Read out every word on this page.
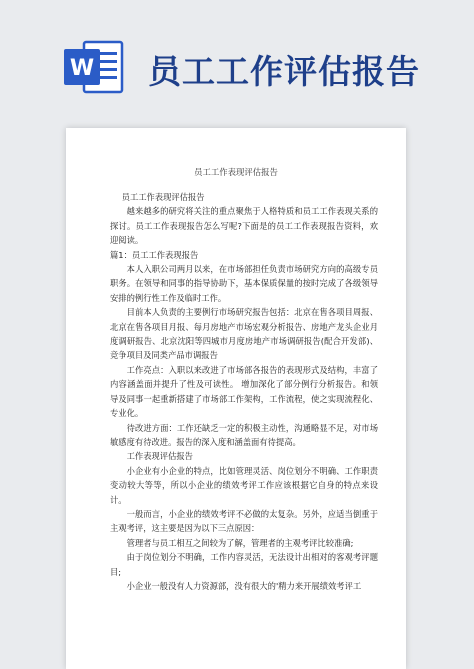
W 员工工作评估报告
员工工作表现评估报告

员工工作表现评估报告

越来越多的研究将关注的重点聚焦于人格特质和员工工作表现关系的探讨。员工工作表现报告怎么写呢?下面是的员工工作表现报告资料，欢迎阅读。

篇1：员工工作表现报告

本人入职公司两月以来，在市场部担任负责市场研究方向的高级专员职务。在领导和同事的指导协助下，基本保质保量的按时完成了各级领导安排的例行性工作及临时工作。

目前本人负责的主要例行市场研究报告包括：北京在售各项目周报、北京在售各项目月报、每月房地产市场宏观分析报告、房地产龙头企业月度调研报告、北京沈阳等四城市月度房地产市场调研报告(配合开发部)、竞争项目及同类产品市调报告

工作亮点：入职以来改进了市场部各报告的表现形式及结构，丰富了内容涵盖面并提升了性及可读性。 增加深化了部分例行分析报告。和领导及同事一起重新搭建了市场部工作架构，工作流程，使之实现流程化、专业化。

待改进方面：工作还缺乏一定的积极主动性，沟通略显不足，对市场敏感度有待改进。报告的深入度和涵盖面有待提高。

工作表现评估报告

小企业有小企业的特点，比如管理灵活、岗位划分不明确、工作职责变动较大等等，所以小企业的绩效考评工作应该根据它自身的特点来设计。

一般而言，小企业的绩效考评不必做的太复杂。另外，应适当倒重于主观考评，这主要是因为以下三点原因：

管理者与员工相互之间较为了解，管理者的主观考评比较准确;

由于岗位划分不明确，工作内容灵活，无法设计出相对的客观考评题目;

小企业一般没有人力资源部，没有很大的'精力来开展绩效考评工
